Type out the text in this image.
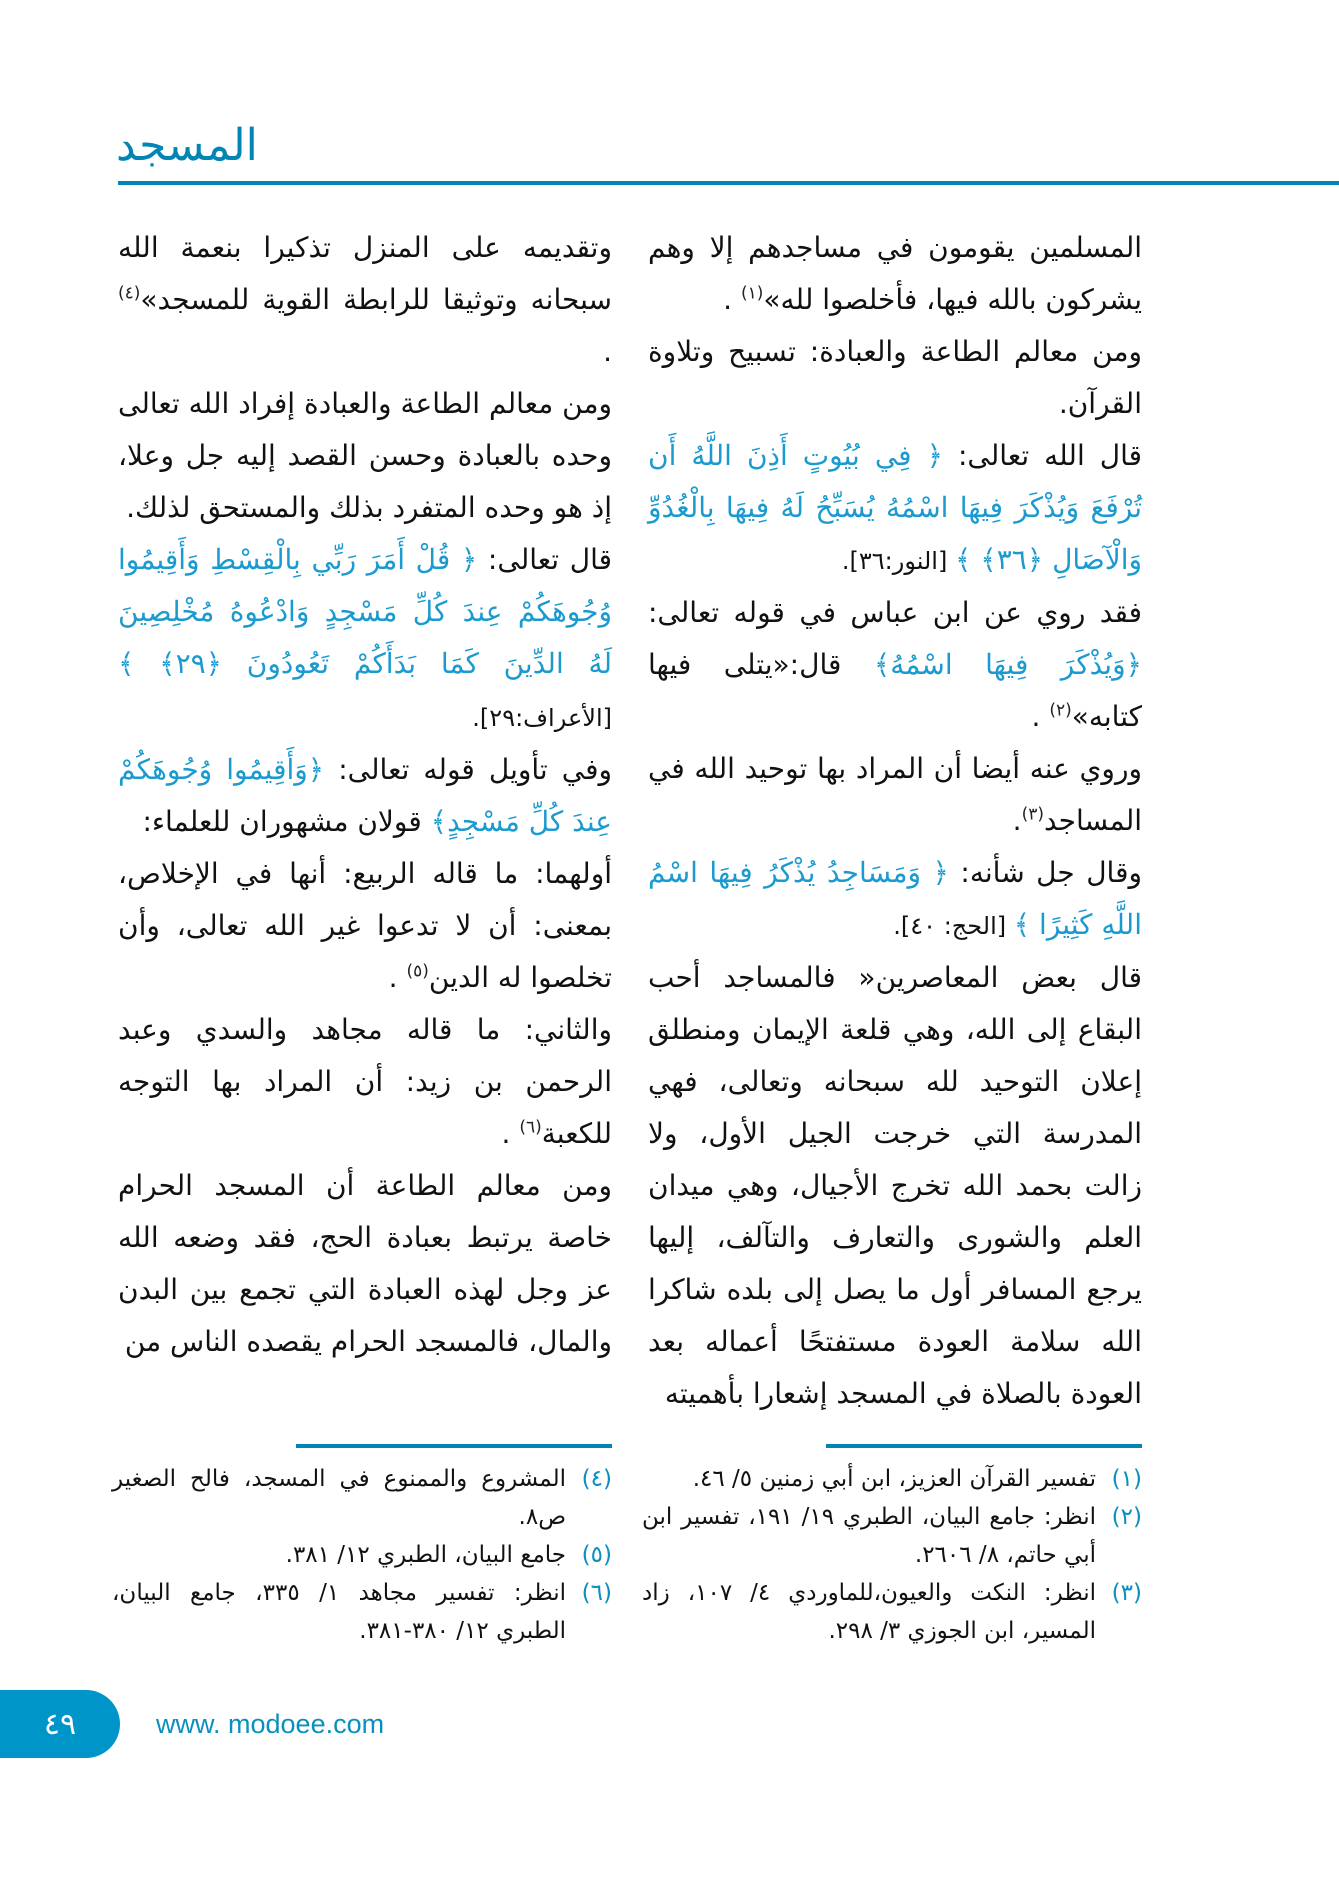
المسجد

المسلمين يقومون في مساجدهم إلا وهم يشركون بالله فيها، فأخلصوا لله»$^{(١)}$ .

ومن معالم الطاعة والعبادة: تسبيح وتلاوة القرآن.

قال الله تعالى: ﴿ فِي بُيُوتٍ أَذِنَ اللَّهُ أَن تُرْفَعَ وَيُذْكَرَ فِيهَا اسْمُهُ يُسَبِّحُ لَهُ فِيهَا بِالْغُدُوِّ وَالْآصَالِ ﴿٣٦﴾ ﴾ [النور:٣٦].

فقد روي عن ابن عباس في قوله تعالى: ﴿وَيُذْكَرَ فِيهَا اسْمُهُ﴾ قال:«يتلى فيها كتابه»$^{(٢)}$ .

وروي عنه أيضا أن المراد بها توحيد الله في المساجد$^{(٣)}$.

وقال جل شأنه: ﴿ وَمَسَاجِدُ يُذْكَرُ فِيهَا اسْمُ اللَّهِ كَثِيرًا ﴾ [الحج: ٤٠].

قال بعض المعاصرين« فالمساجد أحب البقاع إلى الله، وهي قلعة الإيمان ومنطلق إعلان التوحيد لله سبحانه وتعالى، فهي المدرسة التي خرجت الجيل الأول، ولا زالت بحمد الله تخرج الأجيال، وهي ميدان العلم والشورى والتعارف والتآلف، إليها يرجع المسافر أول ما يصل إلى بلده شاكرا الله سلامة العودة مستفتحًا أعماله بعد العودة بالصلاة في المسجد إشعارا بأهميته

وتقديمه على المنزل تذكيرا بنعمة الله سبحانه وتوثيقا للرابطة القوية للمسجد»$^{(٤)}$ .

ومن معالم الطاعة والعبادة إفراد الله تعالى وحده بالعبادة وحسن القصد إليه جل وعلا، إذ هو وحده المتفرد بذلك والمستحق لذلك.

قال تعالى: ﴿ قُلْ أَمَرَ رَبِّي بِالْقِسْطِ وَأَقِيمُوا وُجُوهَكُمْ عِندَ كُلِّ مَسْجِدٍ وَادْعُوهُ مُخْلِصِينَ لَهُ الدِّينَ كَمَا بَدَأَكُمْ تَعُودُونَ ﴿٢٩﴾ ﴾ [الأعراف:٢٩].

وفي تأويل قوله تعالى: ﴿وَأَقِيمُوا وُجُوهَكُمْ عِندَ كُلِّ مَسْجِدٍ﴾ قولان مشهوران للعلماء:

أولهما: ما قاله الربيع: أنها في الإخلاص، بمعنى: أن لا تدعوا غير الله تعالى، وأن تخلصوا له الدين$^{(٥)}$ .

والثاني: ما قاله مجاهد والسدي وعبد الرحمن بن زيد: أن المراد بها التوجه للكعبة$^{(٦)}$ .

ومن معالم الطاعة أن المسجد الحرام خاصة يرتبط بعبادة الحج، فقد وضعه الله عز وجل لهذه العبادة التي تجمع بين البدن والمال، فالمسجد الحرام يقصده الناس من

(١)
تفسير القرآن العزيز، ابن أبي زمنين ٥/ ٤٦.
(٢)
انظر: جامع البيان، الطبري ١٩/ ١٩١، تفسير ابن أبي حاتم، ٨/ ٢٦٠٦.
(٣)
انظر: النكت والعيون،للماوردي ٤/ ١٠٧، زاد المسير، ابن الجوزي ٣/ ٢٩٨.
(٤)
المشروع والممنوع في المسجد، فالح الصغير ص٨.
(٥)
جامع البيان، الطبري ١٢/ ٣٨١.
(٦)
انظر: تفسير مجاهد ١/ ٣٣٥، جامع البيان، الطبري ١٢/ ٣٨٠-٣٨١.
٤٩	www. modoee.com
